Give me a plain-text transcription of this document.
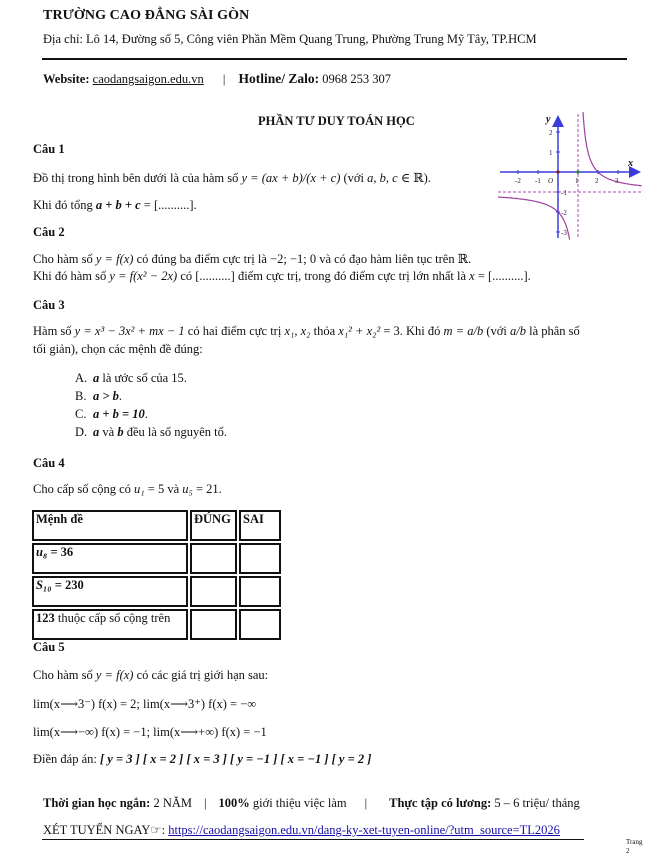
TRƯỜNG CAO ĐẲNG SÀI GÒN
Địa chỉ: Lô 14, Đường số 5, Công viên Phần Mềm Quang Trung, Phường Trung Mỹ Tây, TP.HCM
Website: caodangsaigon.edu.vn | Hotline/ Zalo: 0968 253 307
PHẦN TƯ DUY TOÁN HỌC
Câu 1
Đồ thị trong hình bên dưới là của hàm số y = (ax + b)/(x + c) (với a, b, c ∈ ℝ).
Khi đó tổng a + b + c = [..........].
-2 -1	1 2 3
2
1
-1
-2
-3
O
x
y
Câu 2
Cho hàm số y = f(x) có đúng ba điểm cực trị là −2; −1; 0 và có đạo hàm liên tục trên ℝ.
Khi đó hàm số y = f(x² − 2x) có [..........] điểm cực trị, trong đó điểm cực trị lớn nhất là x = [..........].
Câu 3
Hàm số y = x³ − 3x² + mx − 1 có hai điểm cực trị x₁, x₂ thỏa x₁² + x₂² = 3. Khi đó m = a/b (với a/b là phân số
tối giản), chọn các mệnh đề đúng:
A. a là ước số của 15.
B. a > b.
C. a + b = 10.
D. a và b đều là số nguyên tố.
Câu 4
Cho cấp số cộng có u₁ = 5 và u₅ = 21.
Mệnh đề	ĐÚNG	SAI
u₈ = 36		
S₁₀ = 230		
123 thuộc cấp số cộng trên		
Câu 5
Cho hàm số y = f(x) có các giá trị giới hạn sau:
lim(x⟶3⁻) f(x) = 2; lim(x⟶3⁺) f(x) = −∞
lim(x⟶−∞) f(x) = −1; lim(x⟶+∞) f(x) = −1
Điền đáp án: [ y = 3 ] [ x = 2 ] [ x = 3 ] [ y = −1 ] [ x = −1 ] [ y = 2 ]
Thời gian học ngắn: 2 NĂM | 100% giới thiệu việc làm | Thực tập có lương: 5 – 6 triệu/ tháng
XÉT TUYỂN NGAY☞: https://caodangsaigon.edu.vn/dang-ky-xet-tuyen-online/?utm_source=TL2026
Trang
2
